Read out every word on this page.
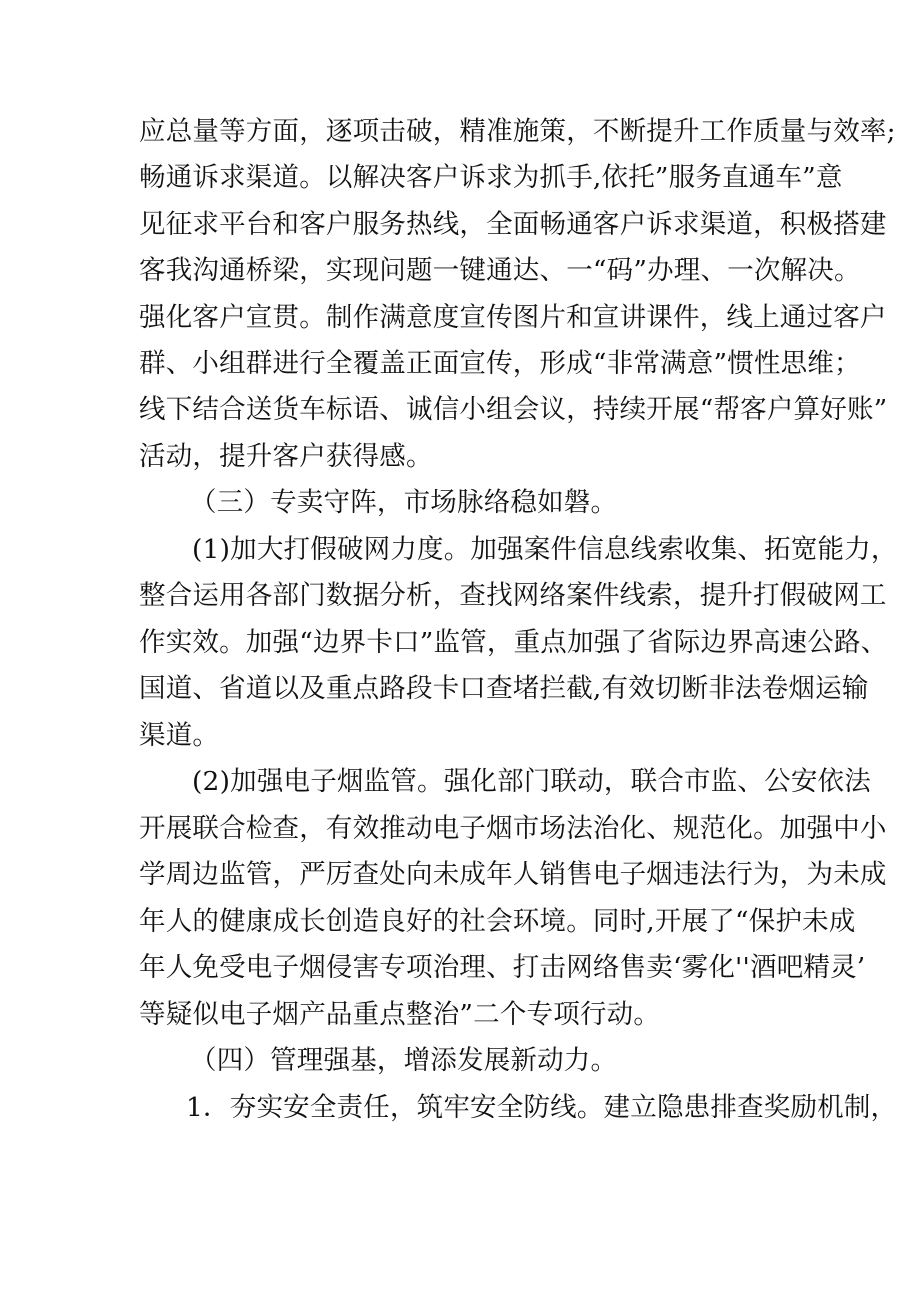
应总量等方面，逐项击破，精准施策，不断提升工作质量与效率;
畅通诉求渠道。以解决客户诉求为抓手,依托”服务直通车”意
见征求平台和客户服务热线，全面畅通客户诉求渠道，积极搭建
客我沟通桥梁，实现问题一键通达、一“码”办理、一次解决。
强化客户宣贯。制作满意度宣传图片和宣讲课件，线上通过客户
群、小组群进行全覆盖正面宣传，形成“非常满意”惯性思维；
线下结合送货车标语、诚信小组会议，持续开展“帮客户算好账”
活动，提升客户获得感。
（三）专卖守阵，市场脉络稳如磐。
(1)加大打假破网力度。加强案件信息线索收集、拓宽能力，
整合运用各部门数据分析，查找网络案件线索，提升打假破网工
作实效。加强“边界卡口”监管，重点加强了省际边界高速公路、
国道、省道以及重点路段卡口查堵拦截,有效切断非法卷烟运输
渠道。
(2)加强电子烟监管。强化部门联动，联合市监、公安依法
开展联合检查，有效推动电子烟市场法治化、规范化。加强中小
学周边监管，严厉查处向未成年人销售电子烟违法行为，为未成
年人的健康成长创造良好的社会环境。同时,开展了“保护未成
年人免受电子烟侵害专项治理、打击网络售卖‘雾化''酒吧精灵’
等疑似电子烟产品重点整治”二个专项行动。
（四）管理强基，增添发展新动力。
1．夯实安全责任，筑牢安全防线。建立隐患排查奖励机制，
